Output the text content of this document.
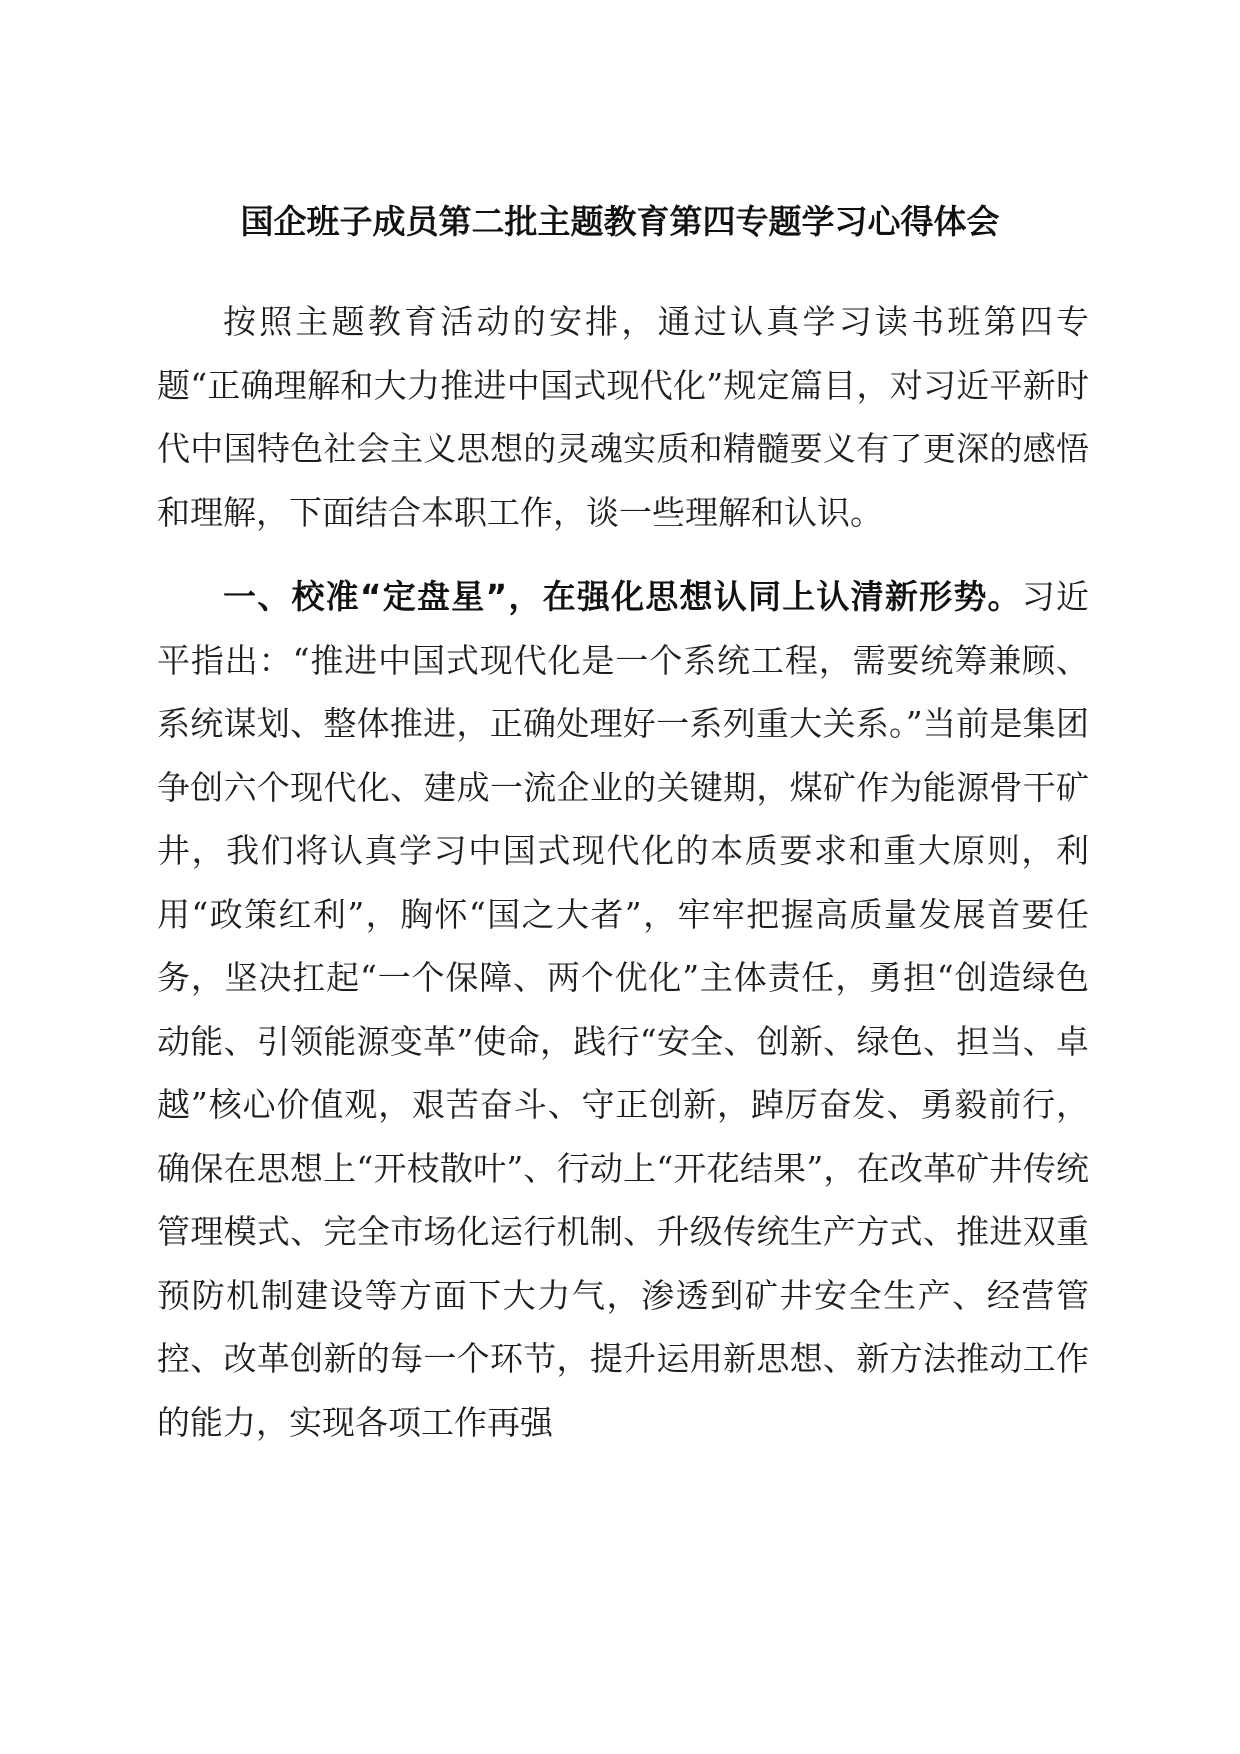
国企班子成员第二批主题教育第四专题学习心得体会

按照主题教育活动的安排，通过认真学习读书班第四专题“正确理解和大力推进中国式现代化”规定篇目，对习近平新时代中国特色社会主义思想的灵魂实质和精髓要义有了更深的感悟和理解，下面结合本职工作，谈一些理解和认识。

一、校准“定盘星”，在强化思想认同上认清新形势。习近平指出：“推进中国式现代化是一个系统工程，需要统筹兼顾、系统谋划、整体推进，正确处理好一系列重大关系。”当前是集团争创六个现代化、建成一流企业的关键期，煤矿作为能源骨干矿井，我们将认真学习中国式现代化的本质要求和重大原则，利用“政策红利”，胸怀“国之大者”，牢牢把握高质量发展首要任务，坚决扛起“一个保障、两个优化”主体责任，勇担“创造绿色动能、引领能源变革”使命，践行“安全、创新、绿色、担当、卓越”核心价值观，艰苦奋斗、守正创新，踔厉奋发、勇毅前行，确保在思想上“开枝散叶”、行动上“开花结果”，在改革矿井传统管理模式、完全市场化运行机制、升级传统生产方式、推进双重预防机制建设等方面下大力气，渗透到矿井安全生产、经营管控、改革创新的每一个环节，提升运用新思想、新方法推动工作的能力，实现各项工作再强
